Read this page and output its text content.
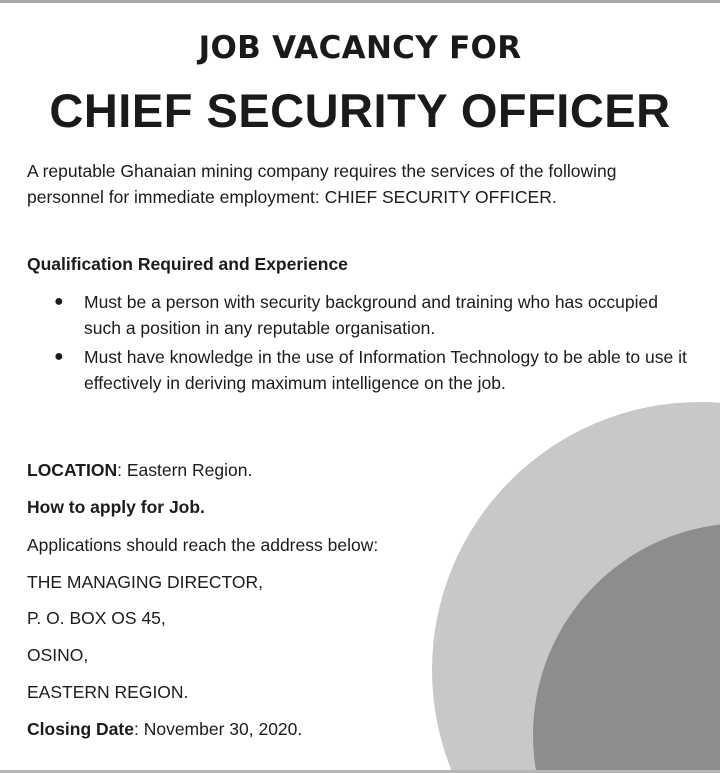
JOB VACANCY FOR
CHIEF SECURITY OFFICER
A reputable Ghanaian mining company requires the services of the following personnel for immediate employment: CHIEF SECURITY OFFICER.
Qualification Required and Experience
● Must be a person with security background and training who has occupied such a position in any reputable organisation.
● Must have knowledge in the use of Information Technology to be able to use it effectively in deriving maximum intelligence on the job.
LOCATION: Eastern Region.
How to apply for Job.
Applications should reach the address below:
THE MANAGING DIRECTOR,
P. O. BOX OS 45,
OSINO,
EASTERN REGION.
Closing Date: November 30, 2020.
